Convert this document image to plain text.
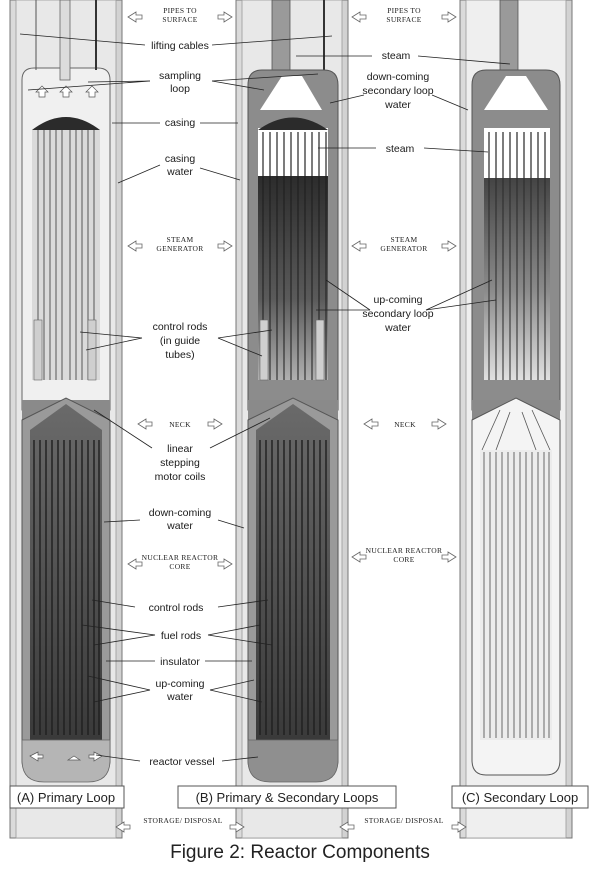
(A) Primary Loop	(B) Primary & Secondary Loops	(C) Secondary Loop
PIPES TO
SURFACE
STEAM
GENERATOR
NECK
NUCLEAR REACTOR
CORE
STORAGE/ DISPOSAL
PIPES TO
SURFACE
STEAM
GENERATOR
NECK
NUCLEAR REACTOR
CORE
STORAGE/ DISPOSAL
lifting cables
sampling
loop
casing
casing
water
control rods
(in guide
tubes)
linear
stepping
motor coils
down-coming
water
control rods
fuel rods
insulator
up-coming
water
reactor vessel
steam
down-coming
secondary loop
water
steam
up-coming
secondary loop
water
Figure 2: Reactor Components
